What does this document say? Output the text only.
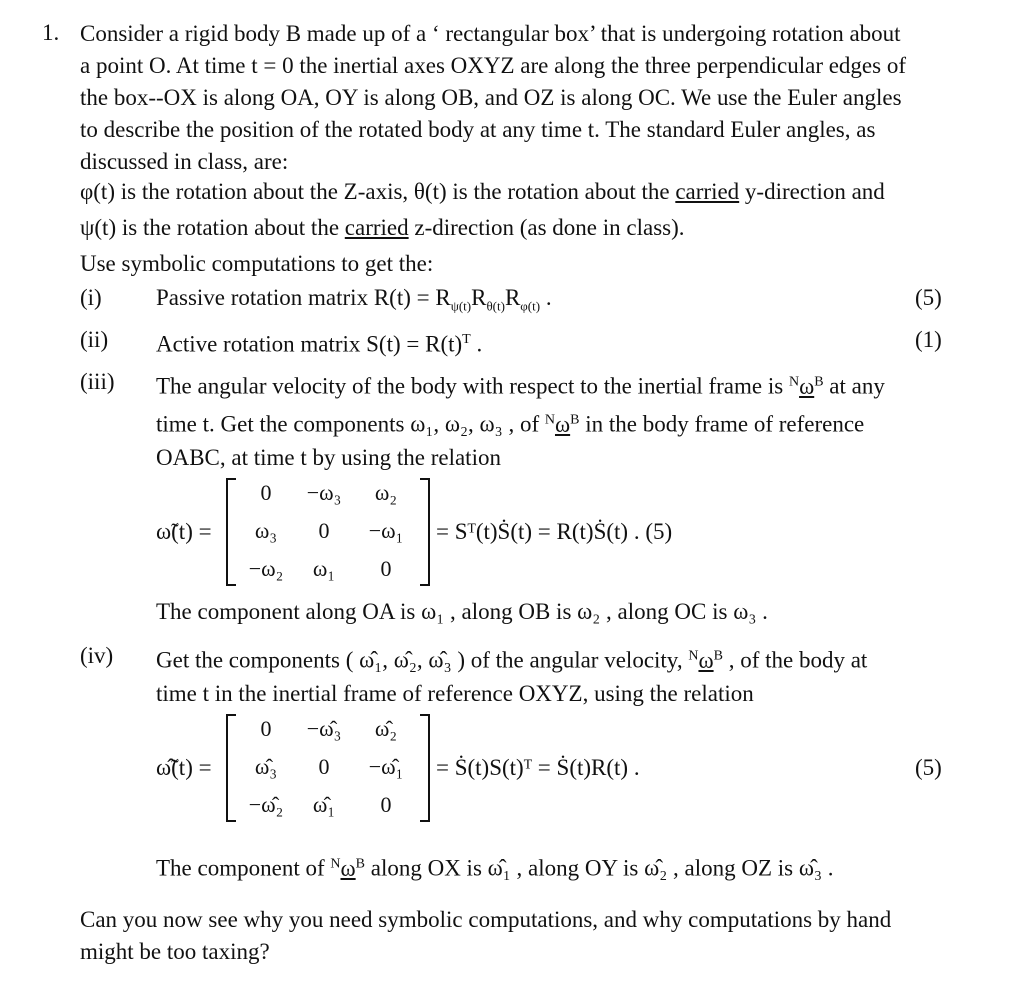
1. Consider a rigid body B made up of a ‘ rectangular box’ that is undergoing rotation about
a point O. At time t = 0 the inertial axes OXYZ are along the three perpendicular edges of
the box--OX is along OA, OY is along OB, and OZ is along OC. We use the Euler angles
to describe the position of the rotated body at any time t. The standard Euler angles, as
discussed in class, are:
φ(t) is the rotation about the Z-axis, θ(t) is the rotation about the carried y-direction and
ψ(t) is the rotation about the carried z-direction (as done in class).
Use symbolic computations to get the:
(i) Passive rotation matrix $R(t) = R_{\psi(t)}R_{\theta(t)}R_{\varphi(t)}$ .	(5)
(ii) Active rotation matrix $S(t) = R(t)^T$ .	(1)
(iii) The angular velocity of the body with respect to the inertial frame is $^N\omega^B$ at any
time t. Get the components ω₁, ω₂, ω₃ , of $^N\omega^B$ in the body frame of reference
OABC, at time t by using the relation
ω̃(t) =
0	−ω₃	ω₂
ω₃	0	−ω₁
−ω₂	ω₁	0
= Sᵀ(t)Ṡ(t) = R(t)Ṡ(t) . (5)
The component along OA is ω₁ , along OB is ω₂ , along OC is ω₃ .
(iv) Get the components ( ω̂₁, ω̂₂, ω̂₃ ) of the angular velocity, $^N\omega^B$ , of the body at
time t in the inertial frame of reference OXYZ, using the relation
ω̃̂(t) =
0	−ω̂₃	ω̂₂
ω̂₃	0	−ω̂₁
−ω̂₂	ω̂₁	0
= Ṡ(t)S(t)ᵀ = Ṡ(t)R(t) .	(5)
The component of $^N\omega^B$ along OX is ω̂₁ , along OY is ω̂₂ , along OZ is ω̂₃ .
Can you now see why you need symbolic computations, and why computations by hand
might be too taxing?
